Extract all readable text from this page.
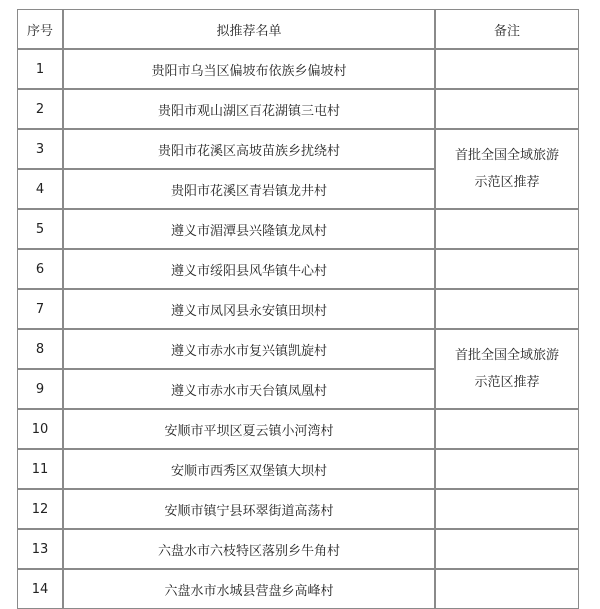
序号	拟推荐名单	备注
1	贵阳市乌当区偏坡布依族乡偏坡村	
2	贵阳市观山湖区百花湖镇三屯村	
3	贵阳市花溪区高坡苗族乡扰绕村	首批全国全域旅游
示范区推荐

4	贵阳市花溪区青岩镇龙井村	
5	遵义市湄潭县兴隆镇龙凤村	
6	遵义市绥阳县风华镇牛心村	
7	遵义市凤冈县永安镇田坝村	
8	遵义市赤水市复兴镇凯旋村	首批全国全域旅游
示范区推荐

9	遵义市赤水市天台镇凤凰村	
10	安顺市平坝区夏云镇小河湾村	
11	安顺市西秀区双堡镇大坝村	
12	安顺市镇宁县环翠街道高荡村	
13	六盘水市六枝特区落别乡牛角村	
14	六盘水市水城县营盘乡高峰村	
